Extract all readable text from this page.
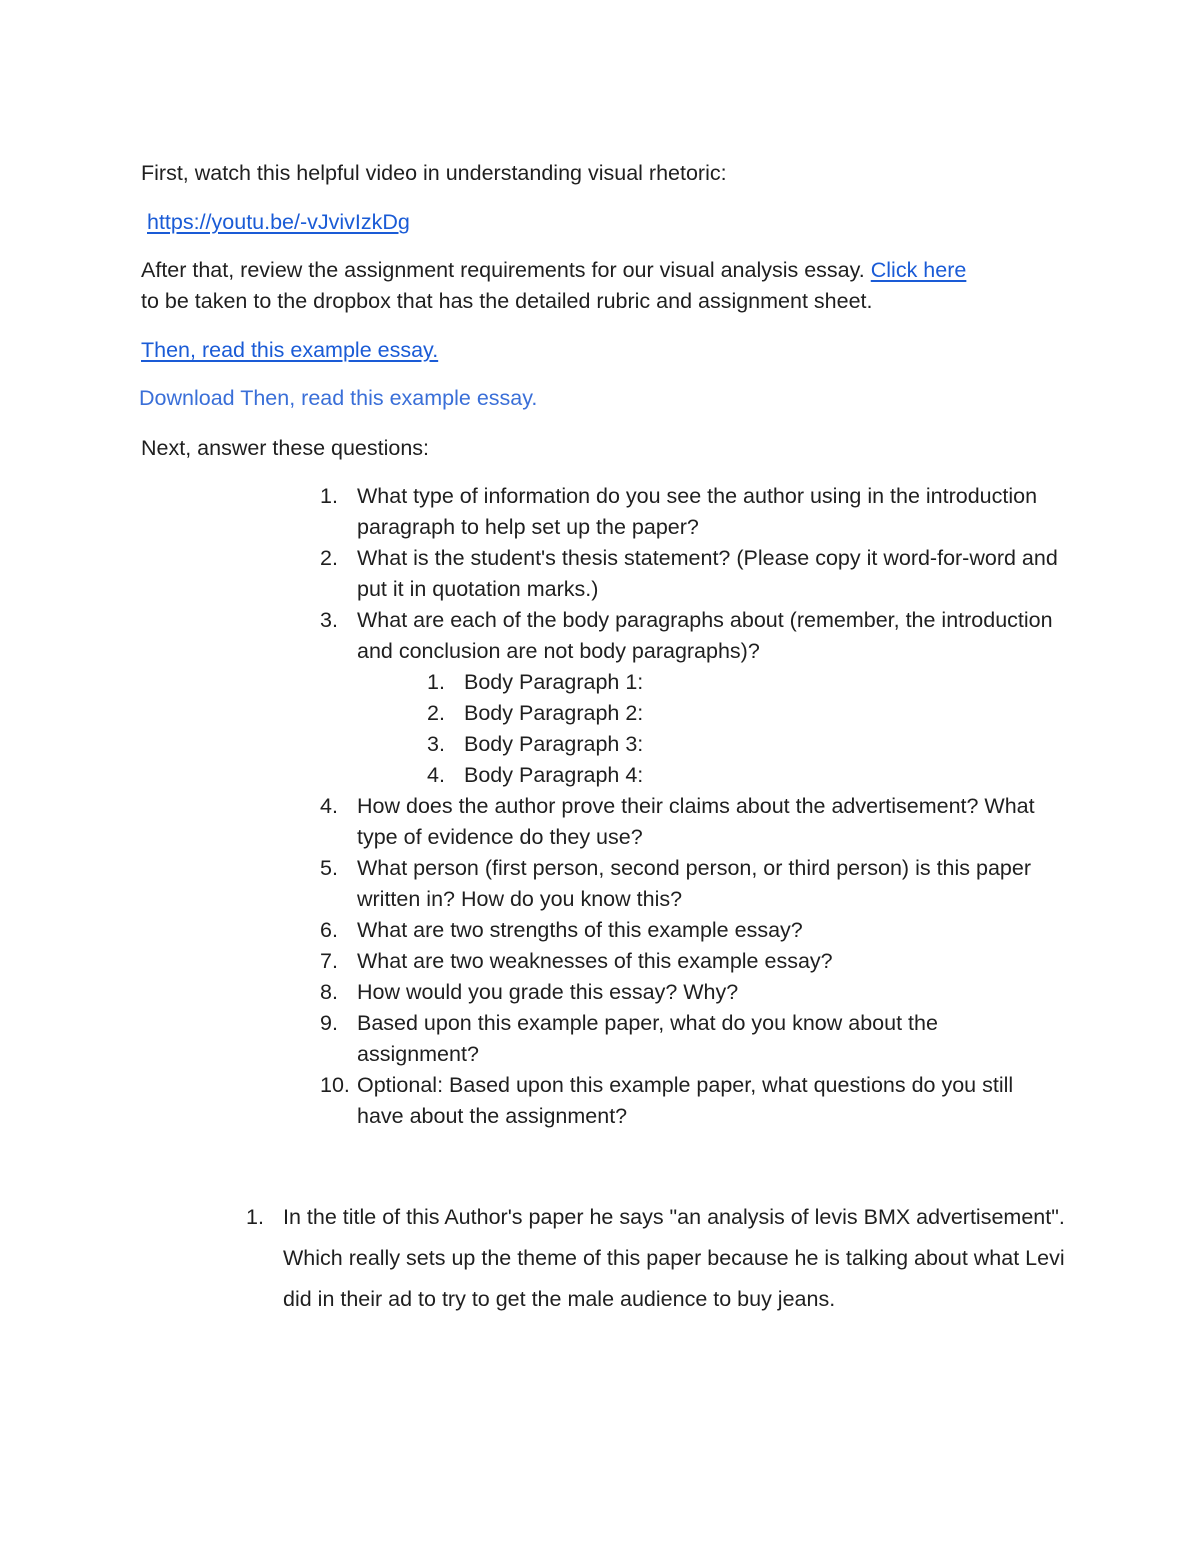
First, watch this helpful video in understanding visual rhetoric:

https://youtu.be/-vJvivIzkDg

After that, review the assignment requirements for our visual analysis essay. Click here
to be taken to the dropbox that has the detailed rubric and assignment sheet.

Then, read this example essay.

Download Then, read this example essay.

Next, answer these questions:

1. What type of information do you see the author using in the introduction paragraph to help set up the paper?
2. What is the student's thesis statement? (Please copy it word-for-word and put it in quotation marks.)
3. What are each of the body paragraphs about (remember, the introduction and conclusion are not body paragraphs)?
1. Body Paragraph 1:
2. Body Paragraph 2:
3. Body Paragraph 3:
4. Body Paragraph 4:
4. How does the author prove their claims about the advertisement? What type of evidence do they use?
5. What person (first person, second person, or third person) is this paper written in? How do you know this?
6. What are two strengths of this example essay?
7. What are two weaknesses of this example essay?
8. How would you grade this essay? Why?
9. Based upon this example paper, what do you know about the assignment?
10. Optional: Based upon this example paper, what questions do you still have about the assignment?
1. In the title of this Author's paper he says "an analysis of levis BMX advertisement". Which really sets up the theme of this paper because he is talking about what Levi did in their ad to try to get the male audience to buy jeans.
